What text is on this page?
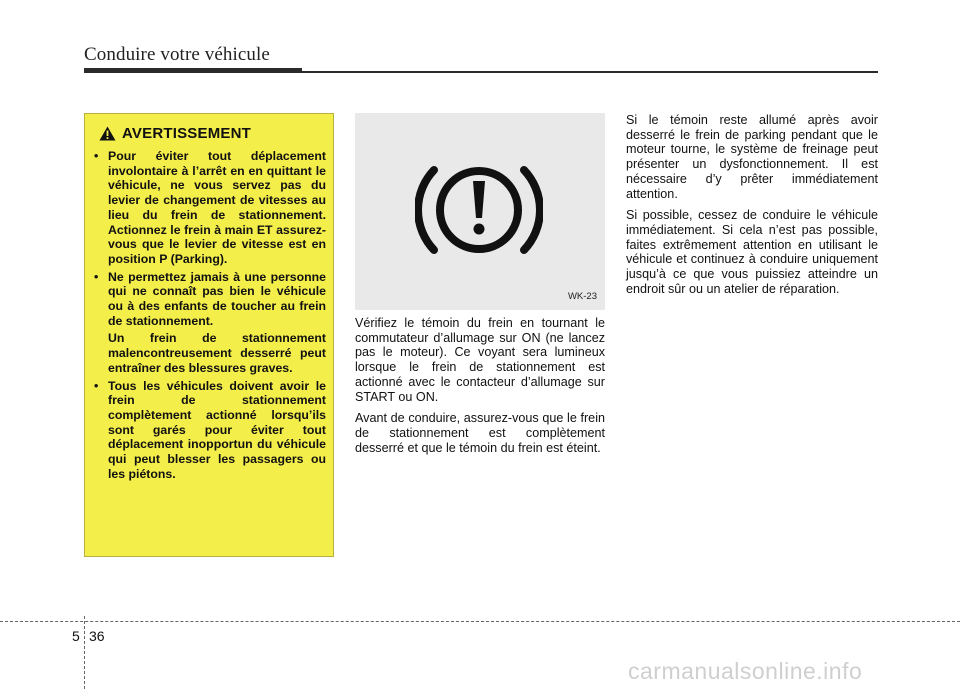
Conduire votre véhicule
AVERTISSEMENT
• Pour éviter tout déplacement involontaire à l’arrêt en en quittant le véhicule, ne vous servez pas du levier de changement de vitesses au lieu du frein de stationnement. Actionnez le frein à main ET assurez-vous que le levier de vitesse est en position P (Parking).
• Ne permettez jamais à une personne qui ne connaît pas bien le véhicule ou à des enfants de toucher au frein de stationnement.
Un frein de stationnement malencontreusement desserré peut entraîner des blessures graves.
• Tous les véhicules doivent avoir le frein de stationnement complètement actionné lorsqu’ils sont garés pour éviter tout déplacement inopportun du véhicule qui peut blesser les passagers ou les piétons.
WK-23

Vérifiez le témoin du frein en tournant le commutateur d’allumage sur ON (ne lancez pas le moteur). Ce voyant sera lumineux lorsque le frein de stationnement est actionné avec le contacteur d’allumage sur START ou ON.

Avant de conduire, assurez-vous que le frein de stationnement est complètement desserré et que le témoin du frein est éteint.

Si le témoin reste allumé après avoir desserré le frein de parking pendant que le moteur tourne, le système de freinage peut présenter un dysfonctionnement. Il est nécessaire d’y prêter immédiatement attention.

Si possible, cessez de conduire le véhicule immédiatement. Si cela n’est pas possible, faites extrêmement attention en utilisant le véhicule et continuez à conduire uniquement jusqu’à ce que vous puissiez atteindre un endroit sûr ou un atelier de réparation.

5 36
carmanualsonline.info
